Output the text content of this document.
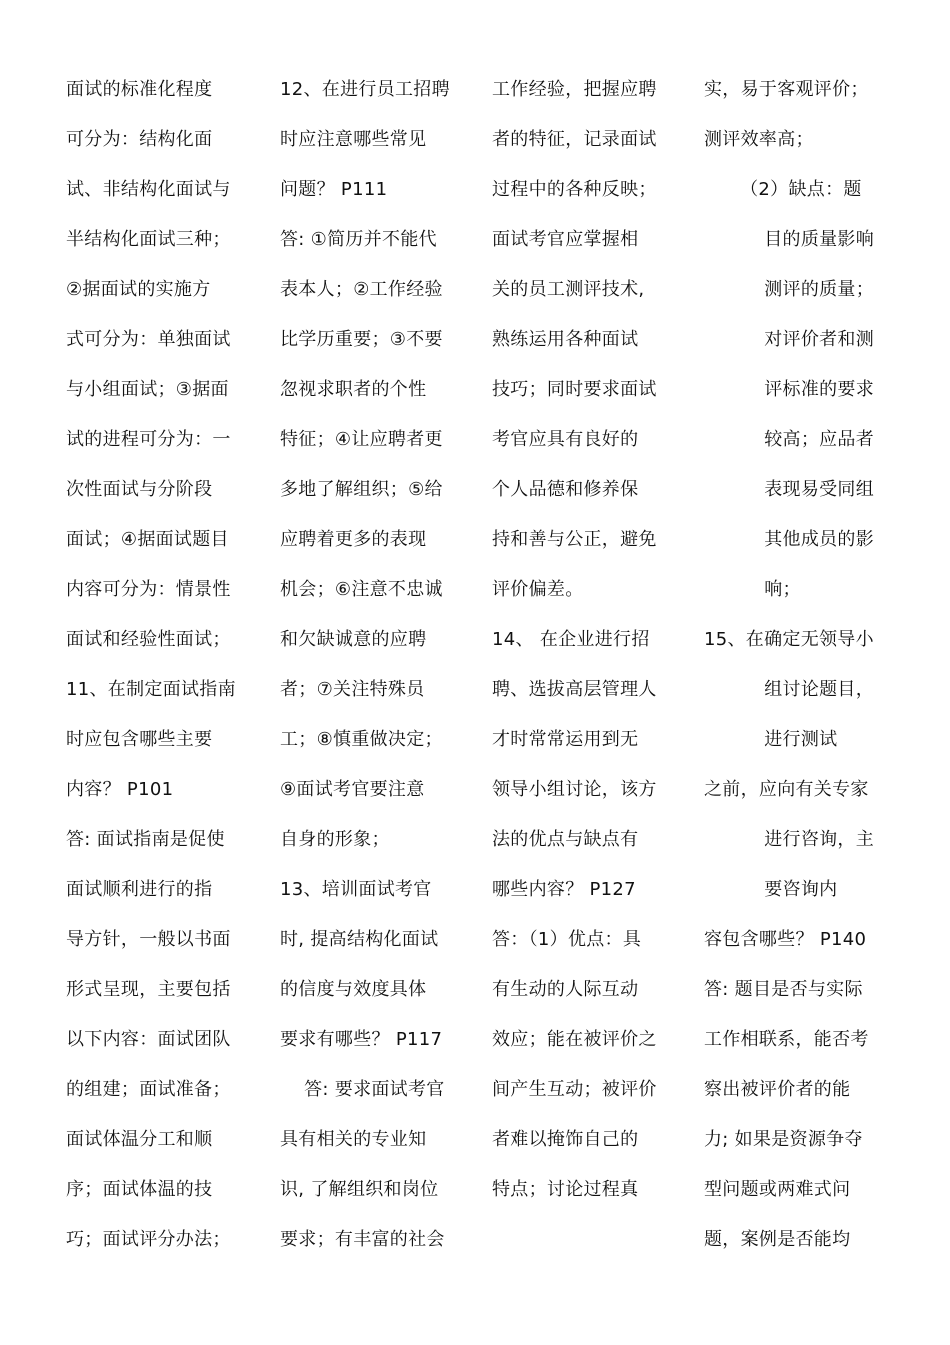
面试的标准化程度
可分为：结构化面
试、非结构化面试与
半结构化面试三种；
②据面试的实施方
式可分为：单独面试
与小组面试；③据面
试的进程可分为：一
次性面试与分阶段
面试；④据面试题目
内容可分为：情景性
面试和经验性面试；
11、在制定面试指南
时应包含哪些主要
内容？ P101
答: 面试指南是促使
面试顺利进行的指
导方针，一般以书面
形式呈现，主要包括
以下内容：面试团队
的组建；面试准备；
面试体温分工和顺
序；面试体温的技
巧；面试评分办法；
12、在进行员工招聘
时应注意哪些常见
问题？ P111
答: ①简历并不能代
表本人；②工作经验
比学历重要；③不要
忽视求职者的个性
特征；④让应聘者更
多地了解组织；⑤给
应聘着更多的表现
机会；⑥注意不忠诚
和欠缺诚意的应聘
者；⑦关注特殊员
工；⑧慎重做决定；
⑨面试考官要注意
自身的形象；
13、培训面试考官
时, 提高结构化面试
的信度与效度具体
要求有哪些？ P117
答: 要求面试考官
具有相关的专业知
识, 了解组织和岗位
要求；有丰富的社会
工作经验，把握应聘
者的特征，记录面试
过程中的各种反映；
面试考官应掌握相
关的员工测评技术,
熟练运用各种面试
技巧；同时要求面试
考官应具有良好的
个人品德和修养保
持和善与公正，避免
评价偏差。
14、 在企业进行招
聘、选拔高层管理人
才时常常运用到无
领导小组讨论，该方
法的优点与缺点有
哪些内容？ P127
答：（1）优点：具
有生动的人际互动
效应；能在被评价之
间产生互动；被评价
者难以掩饰自己的
特点；讨论过程真
实，易于客观评价；
测评效率高；
（2）缺点：题
目的质量影响
测评的质量；
对评价者和测
评标准的要求
较高；应品者
表现易受同组
其他成员的影
响；
15、在确定无领导小
组讨论题目，
进行测试
之前，应向有关专家
进行咨询，主
要咨询内
容包含哪些？ P140
答: 题目是否与实际
工作相联系，能否考
察出被评价者的能
力; 如果是资源争夺
型问题或两难式问
题，案例是否能均
